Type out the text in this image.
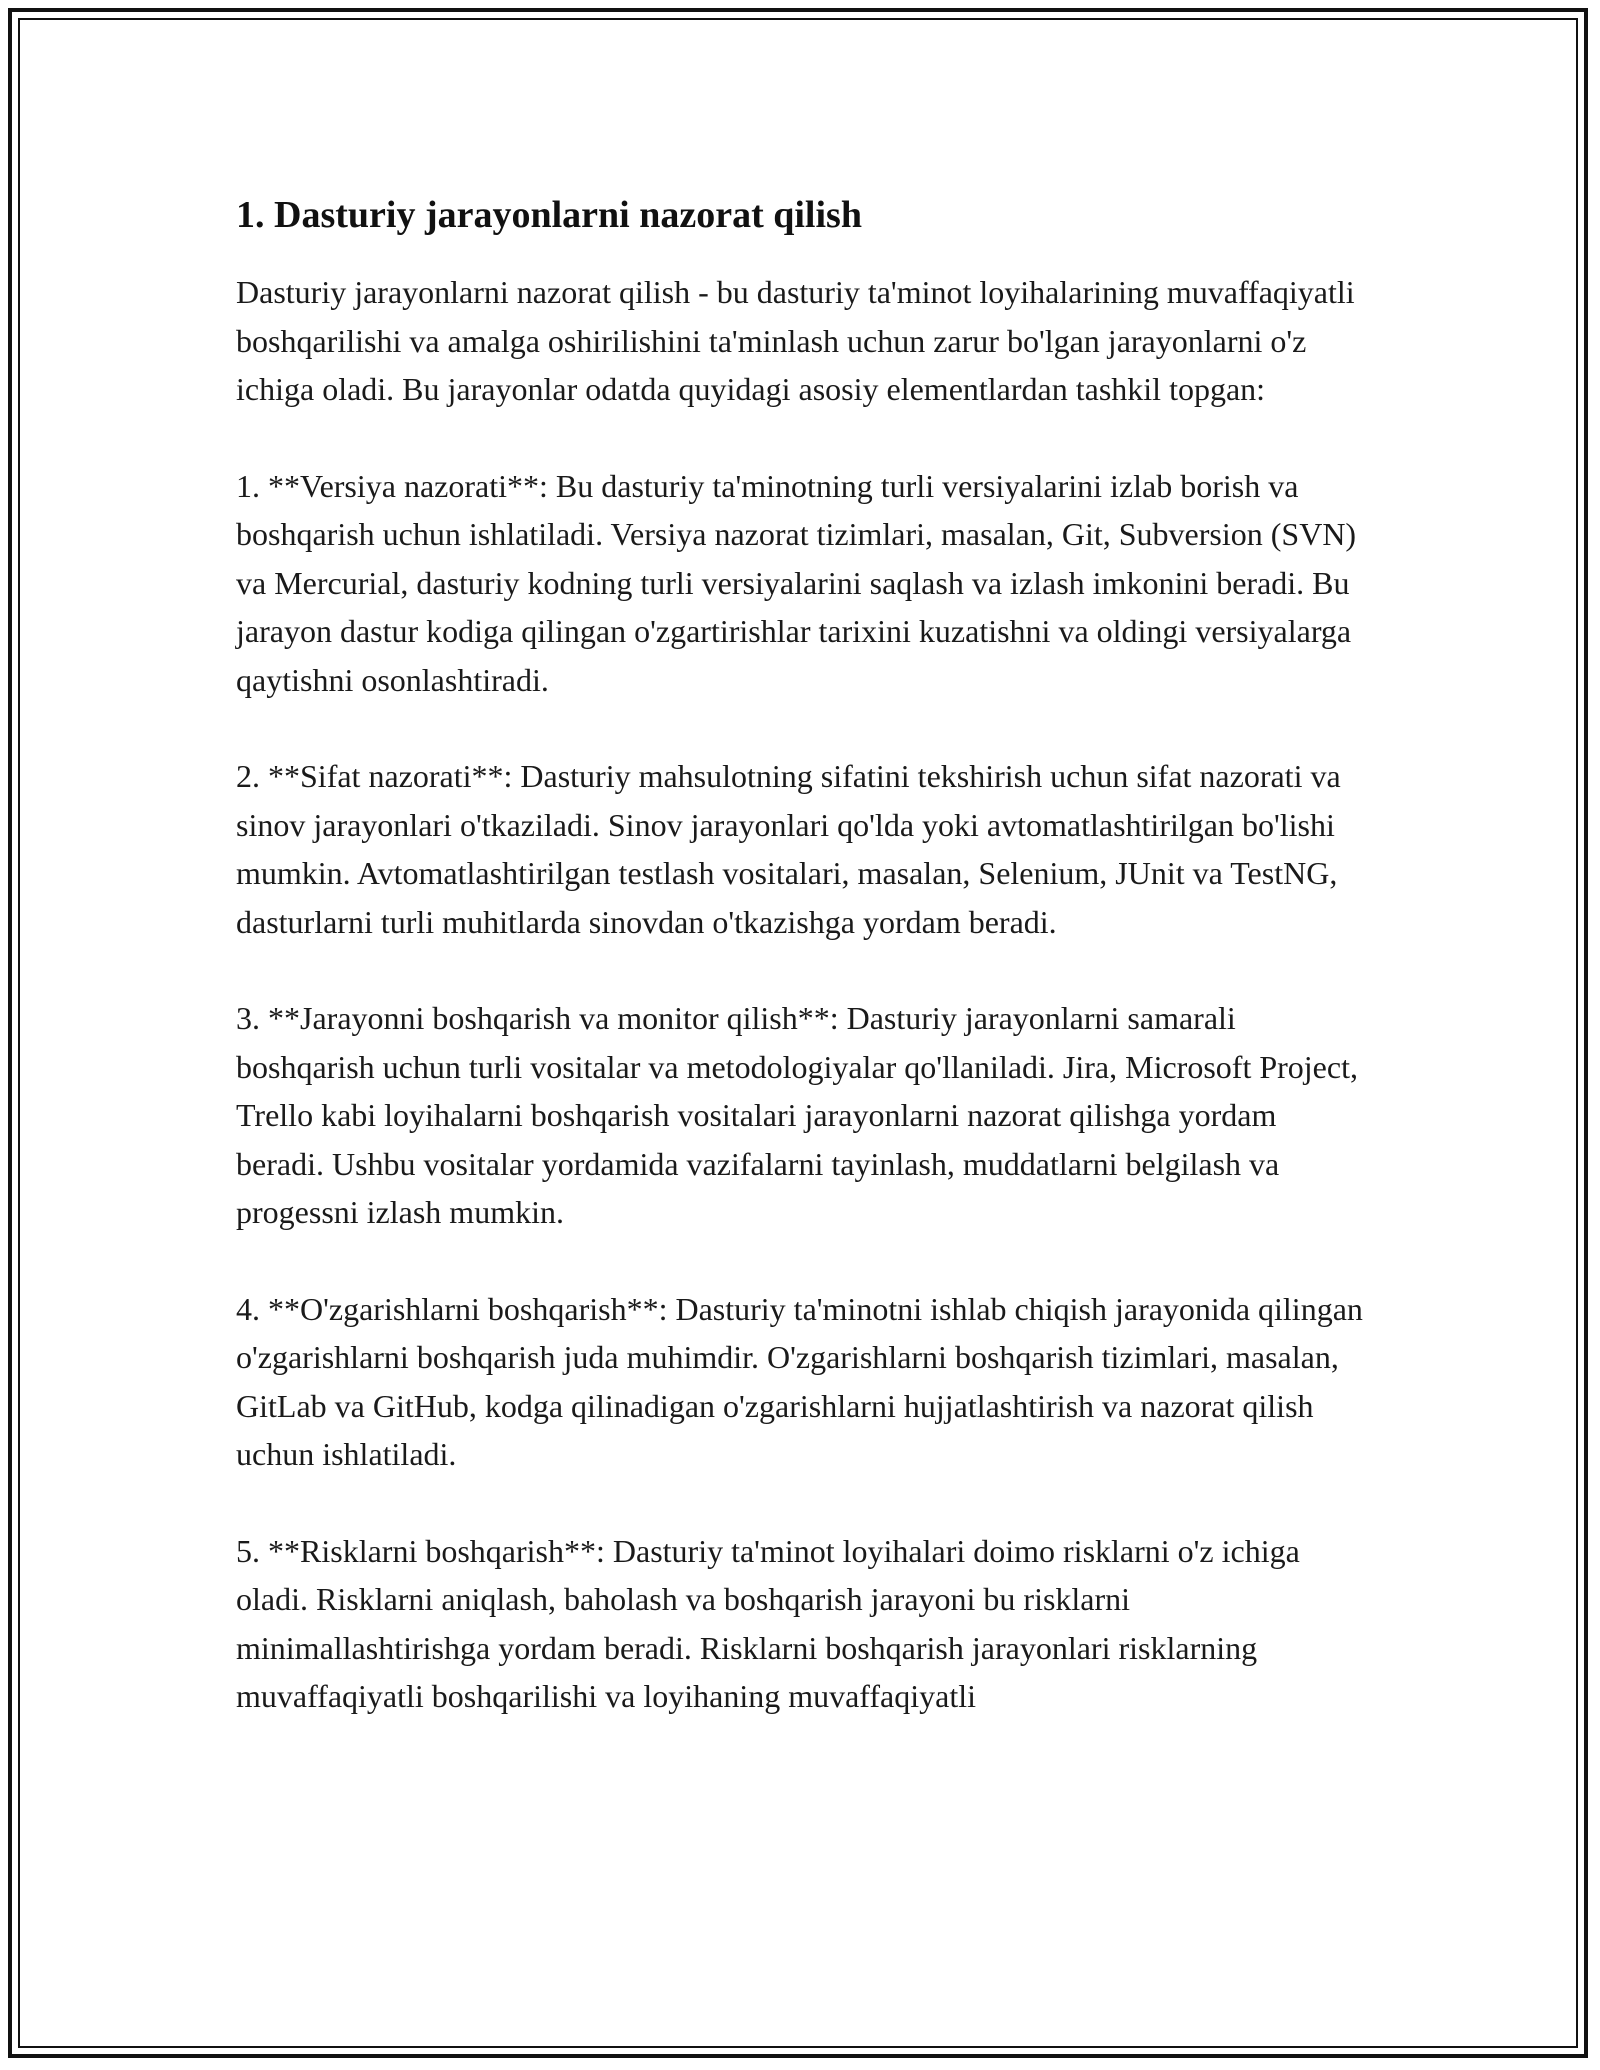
1. Dasturiy jarayonlarni nazorat qilish

Dasturiy jarayonlarni nazorat qilish - bu dasturiy ta'minot loyihalarining muvaffaqiyatli boshqarilishi va amalga oshirilishini ta'minlash uchun zarur bo'lgan jarayonlarni o'z ichiga oladi. Bu jarayonlar odatda quyidagi asosiy elementlardan tashkil topgan:

1. **Versiya nazorati**: Bu dasturiy ta'minotning turli versiyalarini izlab borish va boshqarish uchun ishlatiladi. Versiya nazorat tizimlari, masalan, Git, Subversion (SVN) va Mercurial, dasturiy kodning turli versiyalarini saqlash va izlash imkonini beradi. Bu jarayon dastur kodiga qilingan o'zgartirishlar tarixini kuzatishni va oldingi versiyalarga qaytishni osonlashtiradi.

2. **Sifat nazorati**: Dasturiy mahsulotning sifatini tekshirish uchun sifat nazorati va sinov jarayonlari o'tkaziladi. Sinov jarayonlari qo'lda yoki avtomatlashtirilgan bo'lishi mumkin. Avtomatlashtirilgan testlash vositalari, masalan, Selenium, JUnit va TestNG, dasturlarni turli muhitlarda sinovdan o'tkazishga yordam beradi.

3. **Jarayonni boshqarish va monitor qilish**: Dasturiy jarayonlarni samarali boshqarish uchun turli vositalar va metodologiyalar qo'llaniladi. Jira, Microsoft Project, Trello kabi loyihalarni boshqarish vositalari jarayonlarni nazorat qilishga yordam beradi. Ushbu vositalar yordamida vazifalarni tayinlash, muddatlarni belgilash va progessni izlash mumkin.

4. **O'zgarishlarni boshqarish**: Dasturiy ta'minotni ishlab chiqish jarayonida qilingan o'zgarishlarni boshqarish juda muhimdir. O'zgarishlarni boshqarish tizimlari, masalan, GitLab va GitHub, kodga qilinadigan o'zgarishlarni hujjatlashtirish va nazorat qilish uchun ishlatiladi.

5. **Risklarni boshqarish**: Dasturiy ta'minot loyihalari doimo risklarni o'z ichiga oladi. Risklarni aniqlash, baholash va boshqarish jarayoni bu risklarni minimallashtirishga yordam beradi. Risklarni boshqarish jarayonlari risklarning muvaffaqiyatli boshqarilishi va loyihaning muvaffaqiyatli
